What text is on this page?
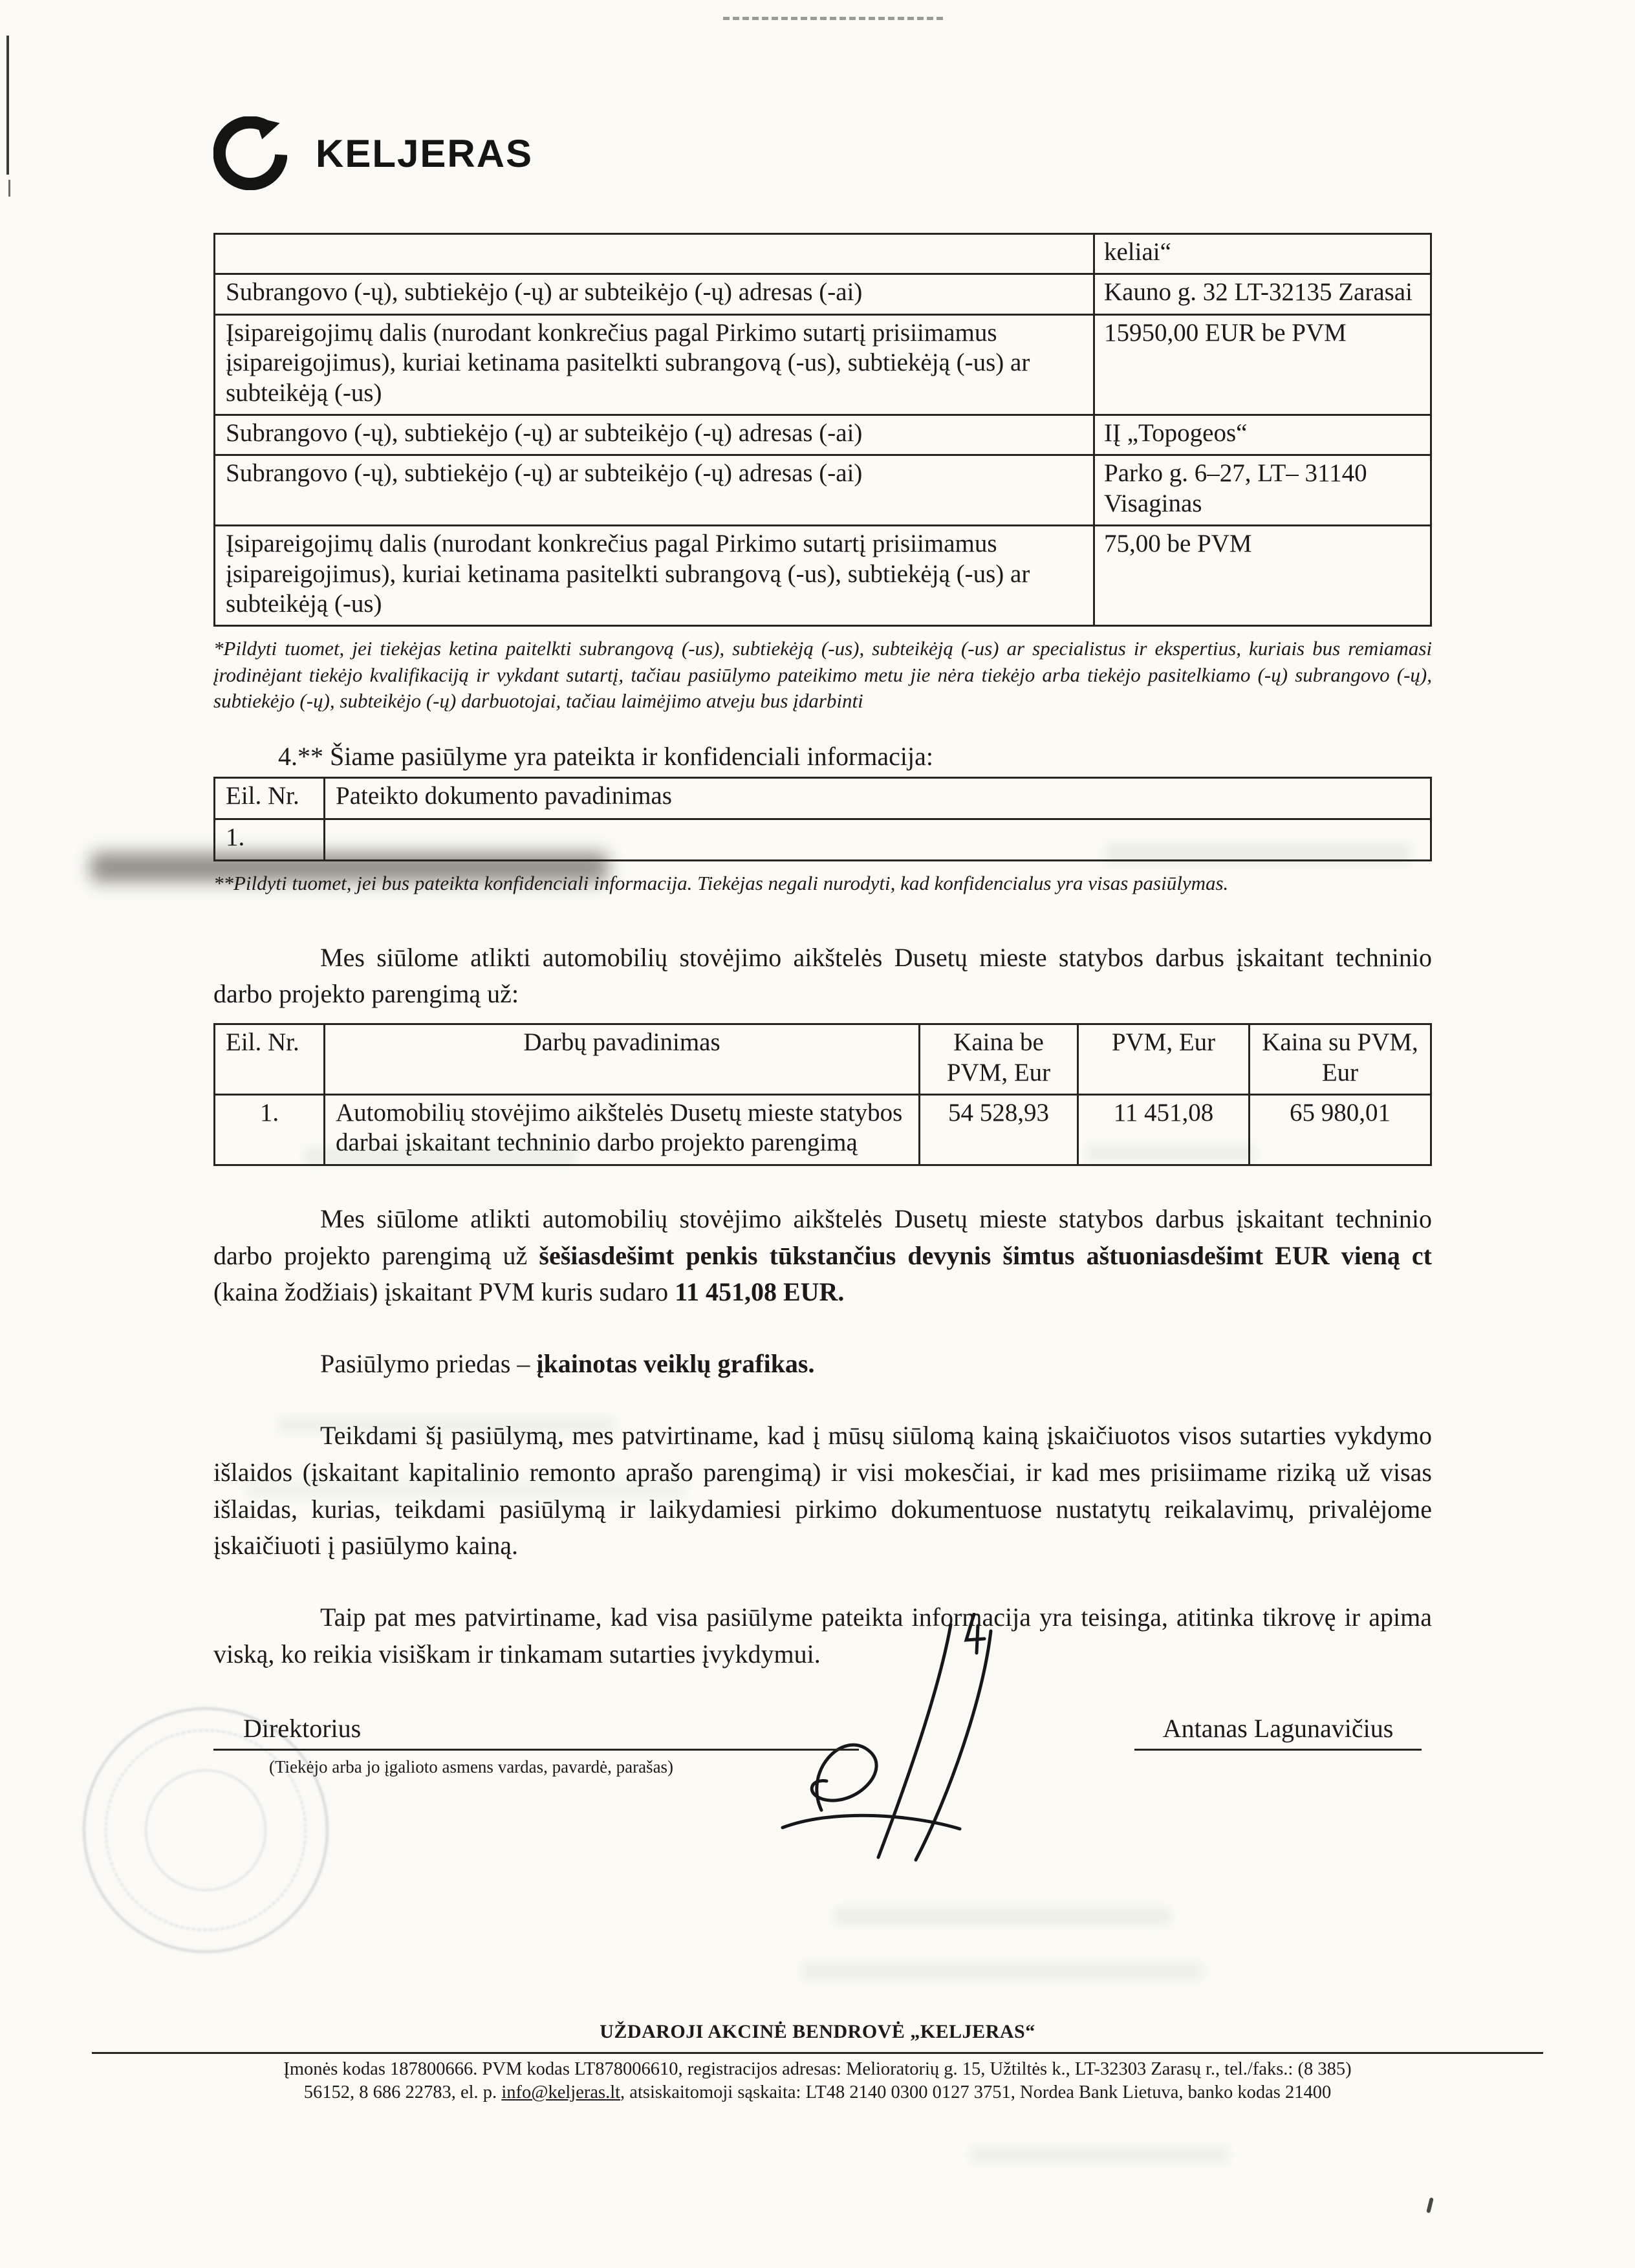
KELJERAS
	keliai“
Subrangovo (-ų), subtiekėjo (-ų) ar subteikėjo (-ų) adresas (-ai)	Kauno g. 32 LT-32135 Zarasai
Įsipareigojimų dalis (nurodant konkrečius pagal Pirkimo sutartį prisiimamus įsipareigojimus), kuriai ketinama pasitelkti subrangovą (-us), subtiekėją (-us) ar subteikėją (-us)	15950,00 EUR be PVM
Subrangovo (-ų), subtiekėjo (-ų) ar subteikėjo (-ų) adresas (-ai)	IĮ „Topogeos“
Subrangovo (-ų), subtiekėjo (-ų) ar subteikėjo (-ų) adresas (-ai)	Parko g. 6–27, LT– 31140 Visaginas
Įsipareigojimų dalis (nurodant konkrečius pagal Pirkimo sutartį prisiimamus įsipareigojimus), kuriai ketinama pasitelkti subrangovą (-us), subtiekėją (-us) ar subteikėją (-us)	75,00 be PVM

*Pildyti tuomet, jei tiekėjas ketina paitelkti subrangovą (-us), subtiekėją (-us), subteikėją (-us) ar specialistus ir ekspertius, kuriais bus remiamasi įrodinėjant tiekėjo kvalifikaciją ir vykdant sutartį, tačiau pasiūlymo pateikimo metu jie nėra tiekėjo arba tiekėjo pasitelkiamo (-ų) subrangovo (-ų), subtiekėjo (-ų), subteikėjo (-ų) darbuotojai, tačiau laimėjimo atveju bus įdarbinti

4.** Šiame pasiūlyme yra pateikta ir konfidenciali informacija:

Eil. Nr.	Pateikto dokumento pavadinimas
1.	

**Pildyti tuomet, jei bus pateikta konfidenciali informacija. Tiekėjas negali nurodyti, kad konfidencialus yra visas pasiūlymas.

Mes siūlome atlikti automobilių stovėjimo aikštelės Dusetų mieste statybos darbus įskaitant techninio darbo projekto parengimą už:

Eil. Nr.	Darbų pavadinimas	Kaina be PVM, Eur	PVM, Eur	Kaina su PVM, Eur
1.	Automobilių stovėjimo aikštelės Dusetų mieste statybos darbai įskaitant techninio darbo projekto parengimą	54 528,93	11 451,08	65 980,01

Mes siūlome atlikti automobilių stovėjimo aikštelės Dusetų mieste statybos darbus įskaitant techninio darbo projekto parengimą už šešiasdešimt penkis tūkstančius devynis šimtus aštuoniasdešimt EUR vieną ct (kaina žodžiais) įskaitant PVM kuris sudaro 11 451,08 EUR.

Pasiūlymo priedas – įkainotas veiklų grafikas.

Teikdami šį pasiūlymą, mes patvirtiname, kad į mūsų siūlomą kainą įskaičiuotos visos sutarties vykdymo išlaidos (įskaitant kapitalinio remonto aprašo parengimą) ir visi mokesčiai, ir kad mes prisiimame riziką už visas išlaidas, kurias, teikdami pasiūlymą ir laikydamiesi pirkimo dokumentuose nustatytų reikalavimų, privalėjome įskaičiuoti į pasiūlymo kainą.

Taip pat mes patvirtiname, kad visa pasiūlyme pateikta informacija yra teisinga, atitinka tikrovę ir apima viską, ko reikia visiškam ir tinkamam sutarties įvykdymui.

Direktorius
(Tiekėjo arba jo įgalioto asmens vardas, pavardė, parašas)
Antanas Lagunavičius
UŽDAROJI AKCINĖ BENDROVĖ „KELJERAS“
Įmonės kodas 187800666. PVM kodas LT878006610, registracijos adresas: Melioratorių g. 15, Užtiltės k., LT-32303 Zarasų r., tel./faks.: (8 385)
56152, 8 686 22783, el. p. info@keljeras.lt, atsiskaitomoji sąskaita: LT48 2140 0300 0127 3751, Nordea Bank Lietuva, banko kodas 21400
